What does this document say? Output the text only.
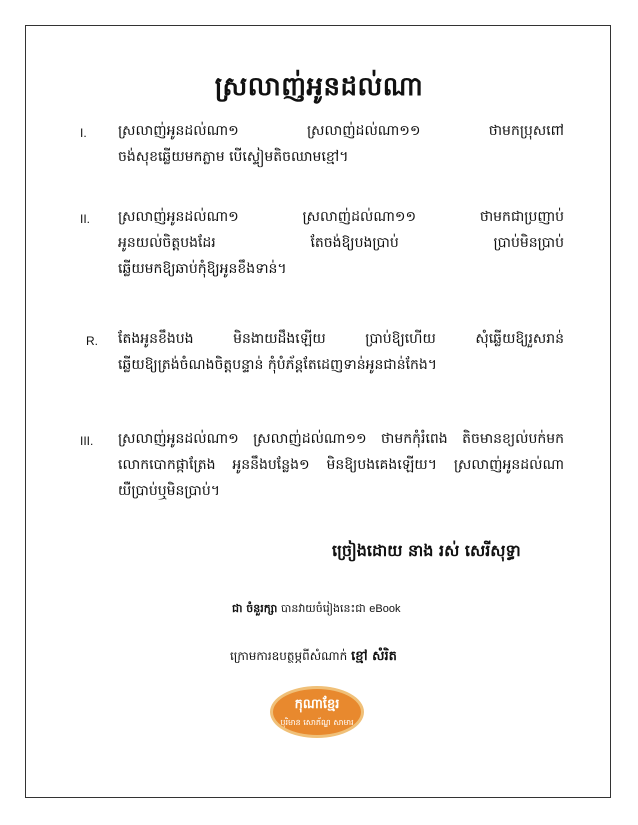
ស្រលាញ់អូនដល់ណា
I.	ស្រលាញ់អូនដល់ណា១ ស្រលាញ់ដល់ណា១១ ថាមកប្រុសពៅ
ចង់សុខឆ្លើយមកភ្លាម បើស្ទៀមតិចឈាមខ្មៅ។
II.	ស្រលាញ់អូនដល់ណា១ ស្រលាញ់ដល់ណា១១ ថាមកជាប្រញាប់
អូនយល់ចិត្តបងដែរ តែចង់ឱ្យបងប្រាប់ ប្រាប់មិនប្រាប់
ឆ្លើយមកឱ្យឆាប់កុំឱ្យអូនខឹងទាន់។
R.	តែងអូនខឹងបង មិនងាយដឹងឡើយ ប្រាប់ឱ្យហើយ សុំឆ្លើយឱ្យរួសរាន់
ឆ្លើយឱ្យត្រង់ចំណងចិត្តបន្ទាន់ កុំបំភ័ន្តតែដេញទាន់អូនជាន់កែង។
III.	ស្រលាញ់អូនដល់ណា១ ស្រលាញ់ដល់ណា១១ ថាមកកុំរំពេង តិចមានខ្យល់បក់មក
លោកបោកផ្កាត្រែង អូននឹងបន្លែង១ មិនឱ្យបងគេងឡើយ។ ស្រលាញ់អូនដល់ណា
យឺប្រាប់ឬមិនប្រាប់។
ច្រៀងដោយ នាង រស់ សេរីសុទ្ធា
ជា ចំនួរក្សា បានវាយចំរៀងនេះជា eBook
ក្រោមការឧបត្ថម្ភពីសំណាក់ ខ្មៅ សំរិត
កុណាខ្មែរ
បុរិមាន សោភ័ណ្ឌ សាមារ
